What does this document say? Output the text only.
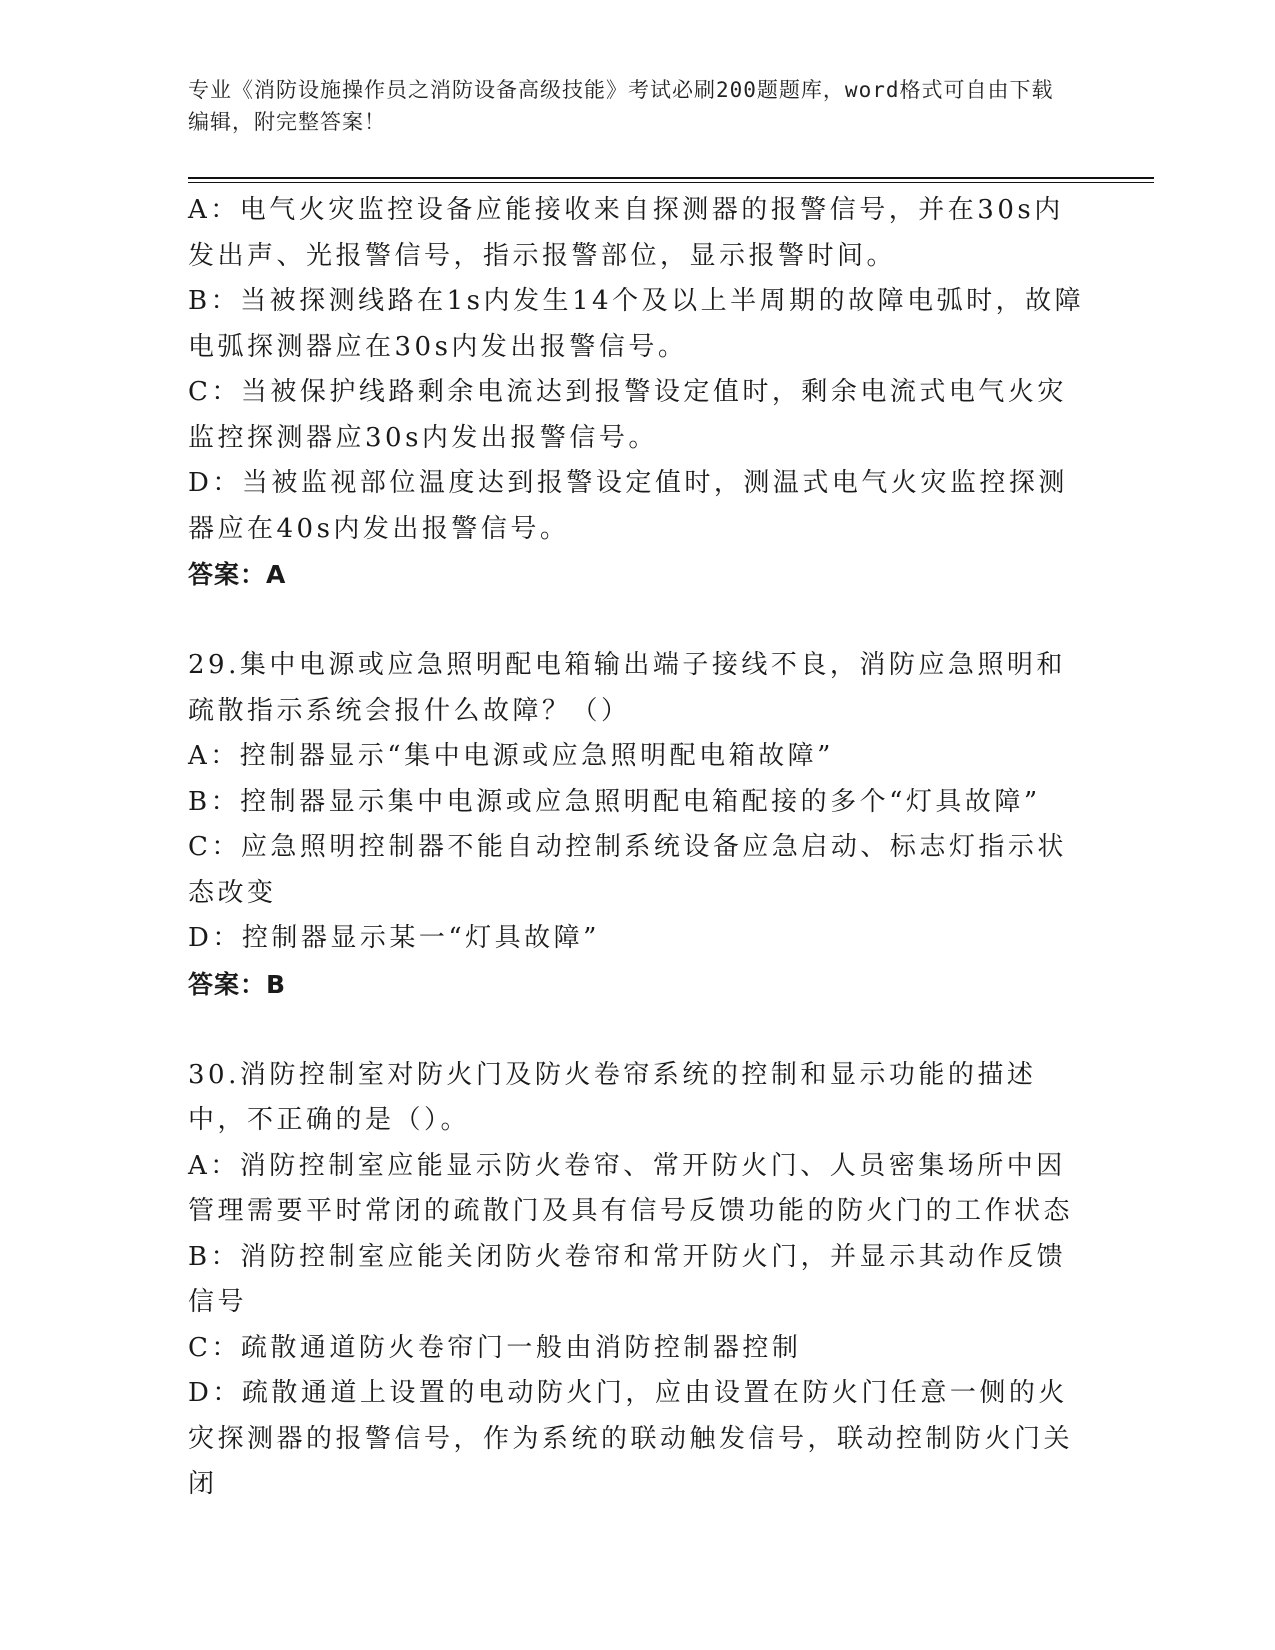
专业《消防设施操作员之消防设备高级技能》考试必刷200题题库，word格式可自由下载编辑，附完整答案！

A：电气火灾监控设备应能接收来自探测器的报警信号，并在30s内发出声、光报警信号，指示报警部位，显示报警时间。

B：当被探测线路在1s内发生14个及以上半周期的故障电弧时，故障电弧探测器应在30s内发出报警信号。

C：当被保护线路剩余电流达到报警设定值时，剩余电流式电气火灾监控探测器应30s内发出报警信号。

D：当被监视部位温度达到报警设定值时，测温式电气火灾监控探测器应在40s内发出报警信号。

答案：A

29.集中电源或应急照明配电箱输出端子接线不良，消防应急照明和疏散指示系统会报什么故障？（）

A：控制器显示“集中电源或应急照明配电箱故障”

B：控制器显示集中电源或应急照明配电箱配接的多个“灯具故障”

C：应急照明控制器不能自动控制系统设备应急启动、标志灯指示状态改变

D：控制器显示某一“灯具故障”

答案：B

30.消防控制室对防火门及防火卷帘系统的控制和显示功能的描述中，不正确的是（）。

A：消防控制室应能显示防火卷帘、常开防火门、人员密集场所中因管理需要平时常闭的疏散门及具有信号反馈功能的防火门的工作状态

B：消防控制室应能关闭防火卷帘和常开防火门，并显示其动作反馈信号

C：疏散通道防火卷帘门一般由消防控制器控制

D：疏散通道上设置的电动防火门，应由设置在防火门任意一侧的火灾探测器的报警信号，作为系统的联动触发信号，联动控制防火门关闭
